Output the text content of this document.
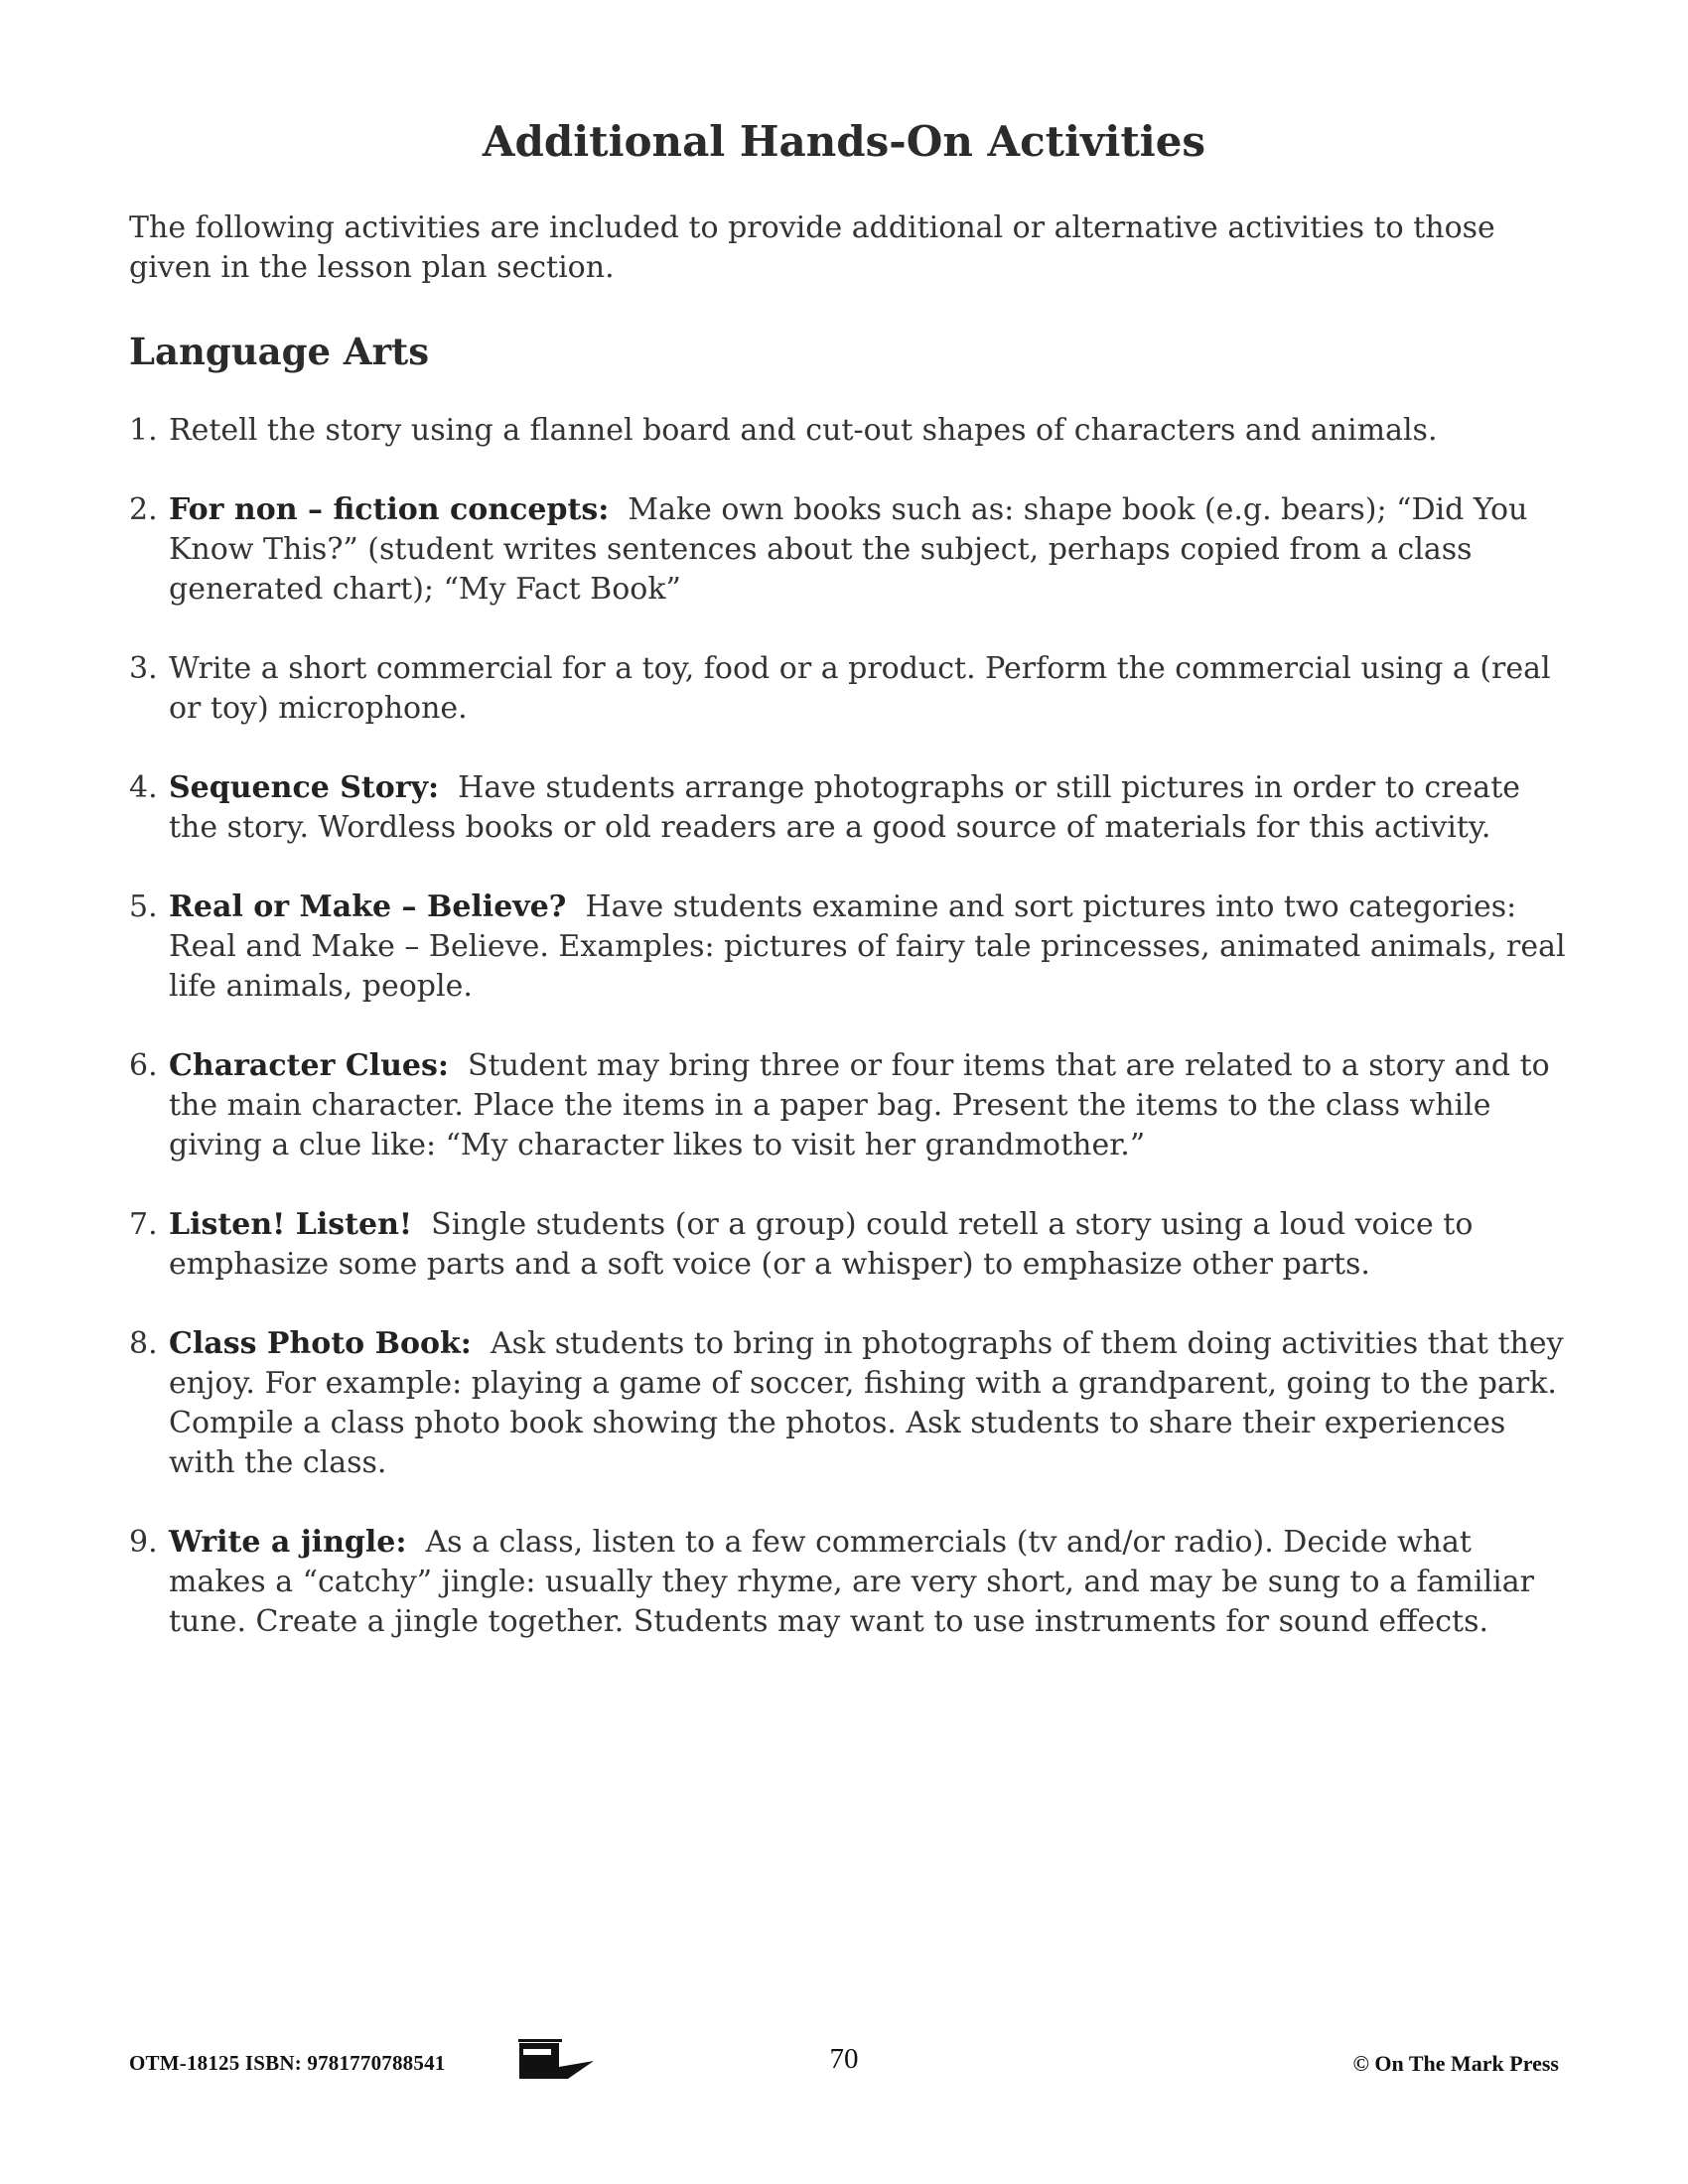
Additional Hands-On Activities

The following activities are included to provide additional or alternative activities to those given in the lesson plan section.

Language Arts
1. Retell the story using a flannel board and cut-out shapes of characters and animals.
2. For non – fiction concepts: Make own books such as: shape book (e.g. bears); “Did You Know This?” (student writes sentences about the subject, perhaps copied from a class generated chart); “My Fact Book”
3. Write a short commercial for a toy, food or a product. Perform the commercial using a (real or toy) microphone.
4. Sequence Story: Have students arrange photographs or still pictures in order to create the story. Wordless books or old readers are a good source of materials for this activity.
5. Real or Make – Believe? Have students examine and sort pictures into two categories: Real and Make – Believe. Examples: pictures of fairy tale princesses, animated animals, real life animals, people.
6. Character Clues: Student may bring three or four items that are related to a story and to the main character. Place the items in a paper bag. Present the items to the class while giving a clue like: “My character likes to visit her grandmother.”
7. Listen! Listen! Single students (or a group) could retell a story using a loud voice to emphasize some parts and a soft voice (or a whisper) to emphasize other parts.
8. Class Photo Book: Ask students to bring in photographs of them doing activities that they enjoy. For example: playing a game of soccer, fishing with a grandparent, going to the park. Compile a class photo book showing the photos. Ask students to share their experiences with the class.
9. Write a jingle: As a class, listen to a few commercials (tv and/or radio). Decide what makes a “catchy” jingle: usually they rhyme, are very short, and may be sung to a familiar tune. Create a jingle together. Students may want to use instruments for sound effects.
OTM-18125 ISBN: 9781770788541	70	© On The Mark Press
